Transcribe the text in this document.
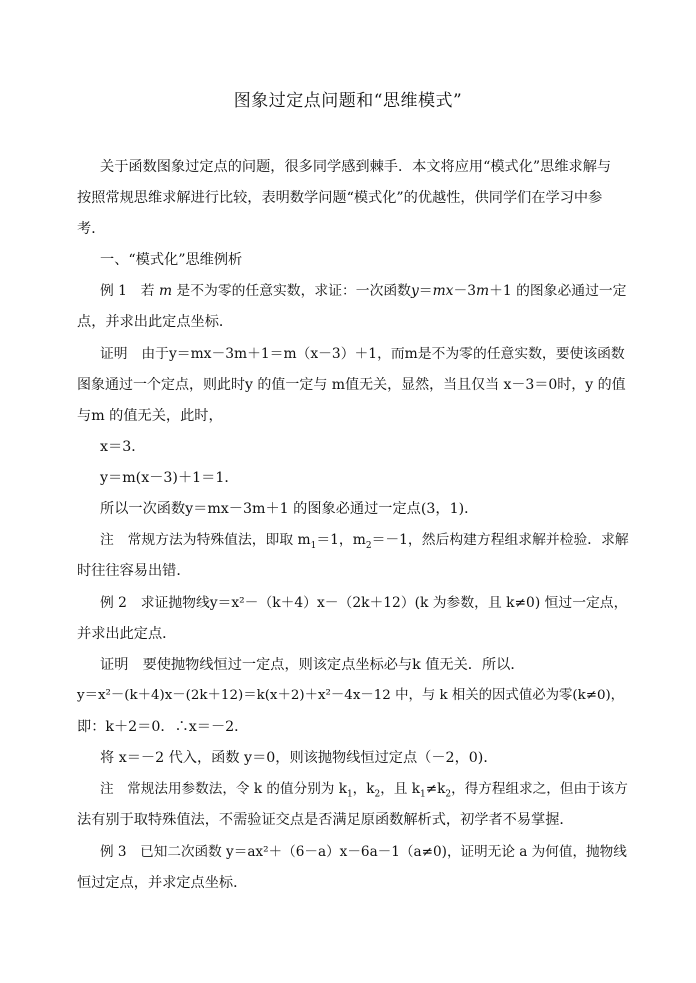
图象过定点问题和“思维模式”
关于函数图象过定点的问题，很多同学感到棘手．本文将应用“模式化”思维求解与
按照常规思维求解进行比较，表明数学问题“模式化”的优越性，供同学们在学习中参
考．
一、“模式化”思维例析
例 1　若 m 是不为零的任意实数，求证：一次函数y＝mx－3m＋1 的图象必通过一定
点，并求出此定点坐标．
证明　由于y＝mx－3m＋1＝m（x－3）＋1，而m是不为零的任意实数，要使该函数
图象通过一个定点，则此时y 的值一定与 m值无关，显然，当且仅当 x－3＝0时，y 的值
与m 的值无关，此时，
x＝3．
y＝m(x－3)＋1＝1．
所以一次函数y＝mx－3m＋1 的图象必通过一定点(3，1)．
注　常规方法为特殊值法，即取 $m_1=1$，$m_2=-1$，然后构建方程组求解并检验．求解
时往往容易出错．
例 2　求证抛物线y＝x²－（k＋4）x－（2k＋12）(k 为参数，且 k≠0) 恒过一定点，
并求出此定点．
证明　要使抛物线恒过一定点，则该定点坐标必与k 值无关．所以．
y＝x²－(k＋4)x－(2k＋12)＝k(x＋2)＋x²－4x－12 中，与 k 相关的因式值必为零(k≠0)，
即：k＋2＝0．∴x＝－2．
将 x＝－2 代入，函数 y＝0，则该抛物线恒过定点（－2，0)．
注　常规法用参数法，令 k 的值分别为 $k_1$，$k_2$，且 $k_1\ne k_2$，得方程组求之，但由于该方
法有别于取特殊值法，不需验证交点是否满足原函数解析式，初学者不易掌握．
例 3　已知二次函数 y＝ax²＋（6－a）x－6a－1（a≠0)，证明无论 a 为何值，抛物线
恒过定点，并求定点坐标．
